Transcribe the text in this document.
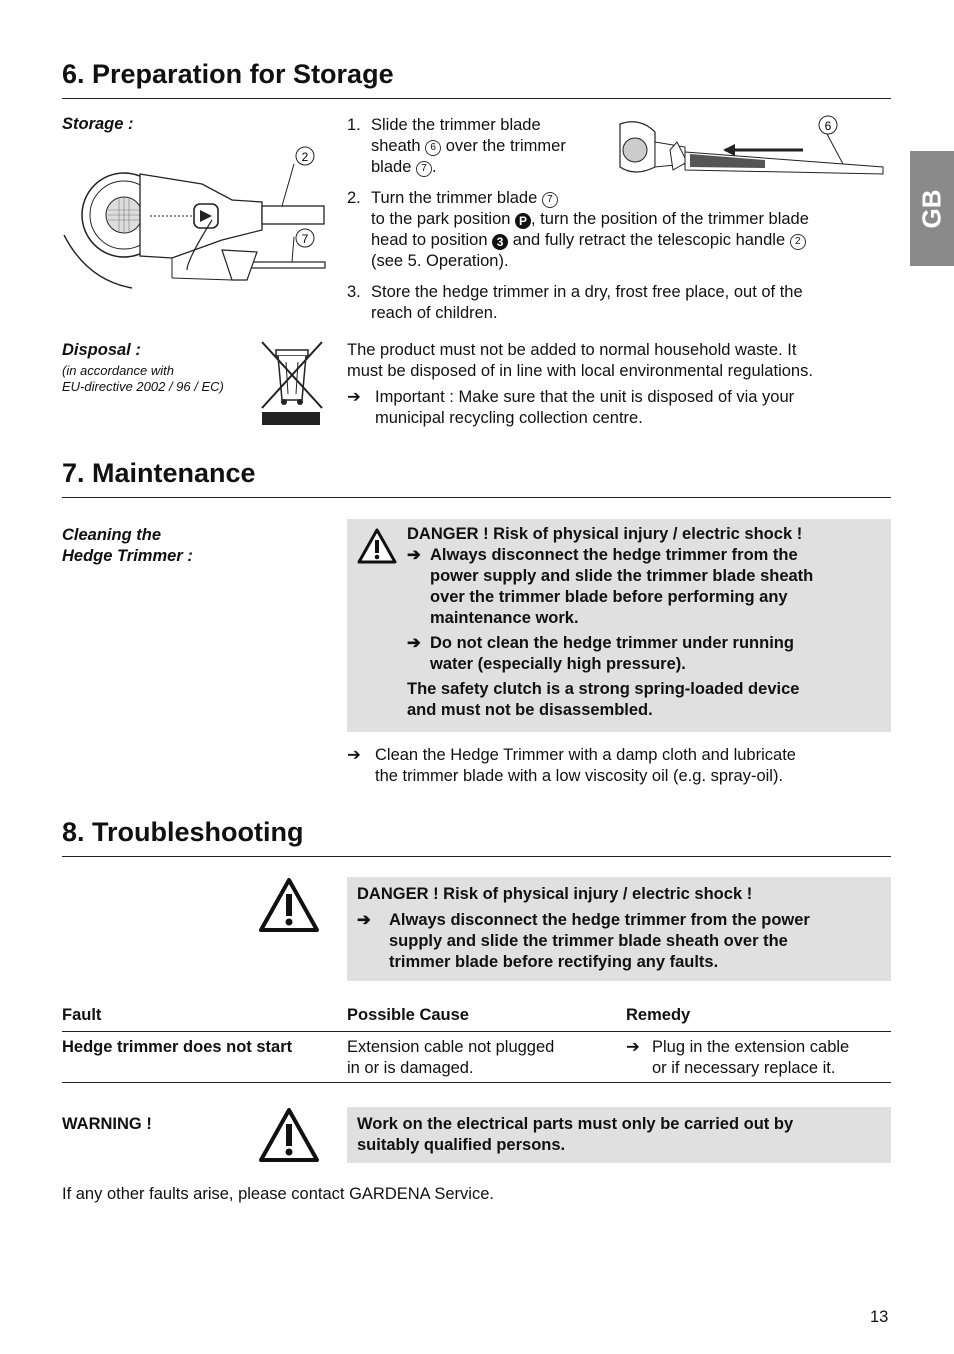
GB
6. Preparation for Storage
Storage :
2
7
1. Slide the trimmer blade
sheath 6 over the trimmer
blade 7 .
2. Turn the trimmer blade 7
to the park position P , turn the position of the trimmer blade
head to position 3 and fully retract the telescopic handle 2
(see 5. Operation).
3. Store the hedge trimmer in a dry, frost free place, out of the
reach of children.
6
Disposal :
(in accordance with
EU-directive 2002 / 96 / EC)
The product must not be added to normal household waste. It
must be disposed of in line with local environmental regulations.
➔ Important : Make sure that the unit is disposed of via your
municipal recycling collection centre.
7. Maintenance
Cleaning the
Hedge Trimmer :
DANGER ! Risk of physical injury / electric shock !
➔ Always disconnect the hedge trimmer from the
power supply and slide the trimmer blade sheath
over the trimmer blade before performing any
maintenance work.
➔ Do not clean the hedge trimmer under running
water (especially high pressure).
The safety clutch is a strong spring-loaded device
and must not be disassembled.
➔ Clean the Hedge Trimmer with a damp cloth and lubricate
the trimmer blade with a low viscosity oil (e.g. spray-oil).
8. Troubleshooting
DANGER ! Risk of physical injury / electric shock !
➔	Always disconnect the hedge trimmer from the power
supply and slide the trimmer blade sheath over the
trimmer blade before rectifying any faults.
Fault	Possible Cause	Remedy
Hedge trimmer does not start	Extension cable not plugged
in or is damaged.
➔ Plug in the extension cable
or if necessary replace it.
WARNING !	Work on the electrical parts must only be carried out by
suitably qualified persons.
If any other faults arise, please contact GARDENA Service.
13
